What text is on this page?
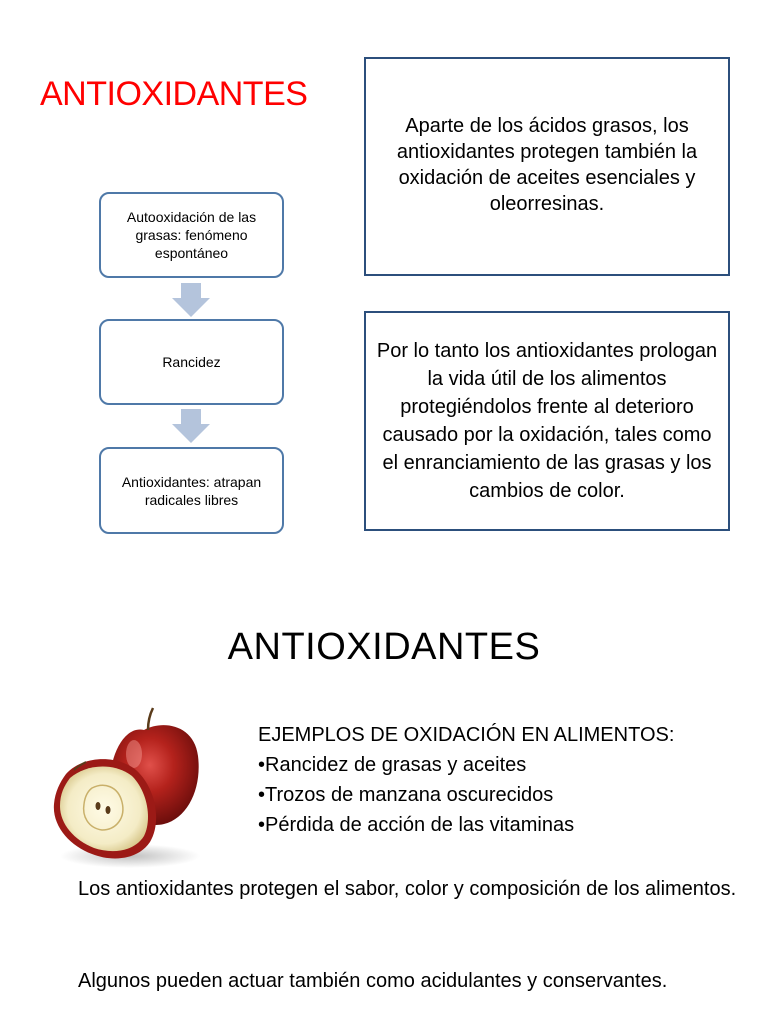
ANTIOXIDANTES
Autooxidación de las grasas: fenómeno espontáneo
Rancidez
Antioxidantes: atrapan radicales libres
Aparte de los ácidos grasos, los antioxidantes protegen también la oxidación de aceites esenciales y oleorresinas.
Por lo tanto los antioxidantes prologan la vida útil de los alimentos protegiéndolos frente al deterioro causado por la oxidación, tales como el enranciamiento de las grasas y los cambios de color.
ANTIOXIDANTES
EJEMPLOS DE OXIDACIÓN EN ALIMENTOS:
•Rancidez de grasas y aceites
•Trozos de manzana oscurecidos
•Pérdida de acción de las vitaminas
Los antioxidantes protegen el sabor, color y composición de los alimentos.
Algunos pueden actuar también como acidulantes y conservantes.
